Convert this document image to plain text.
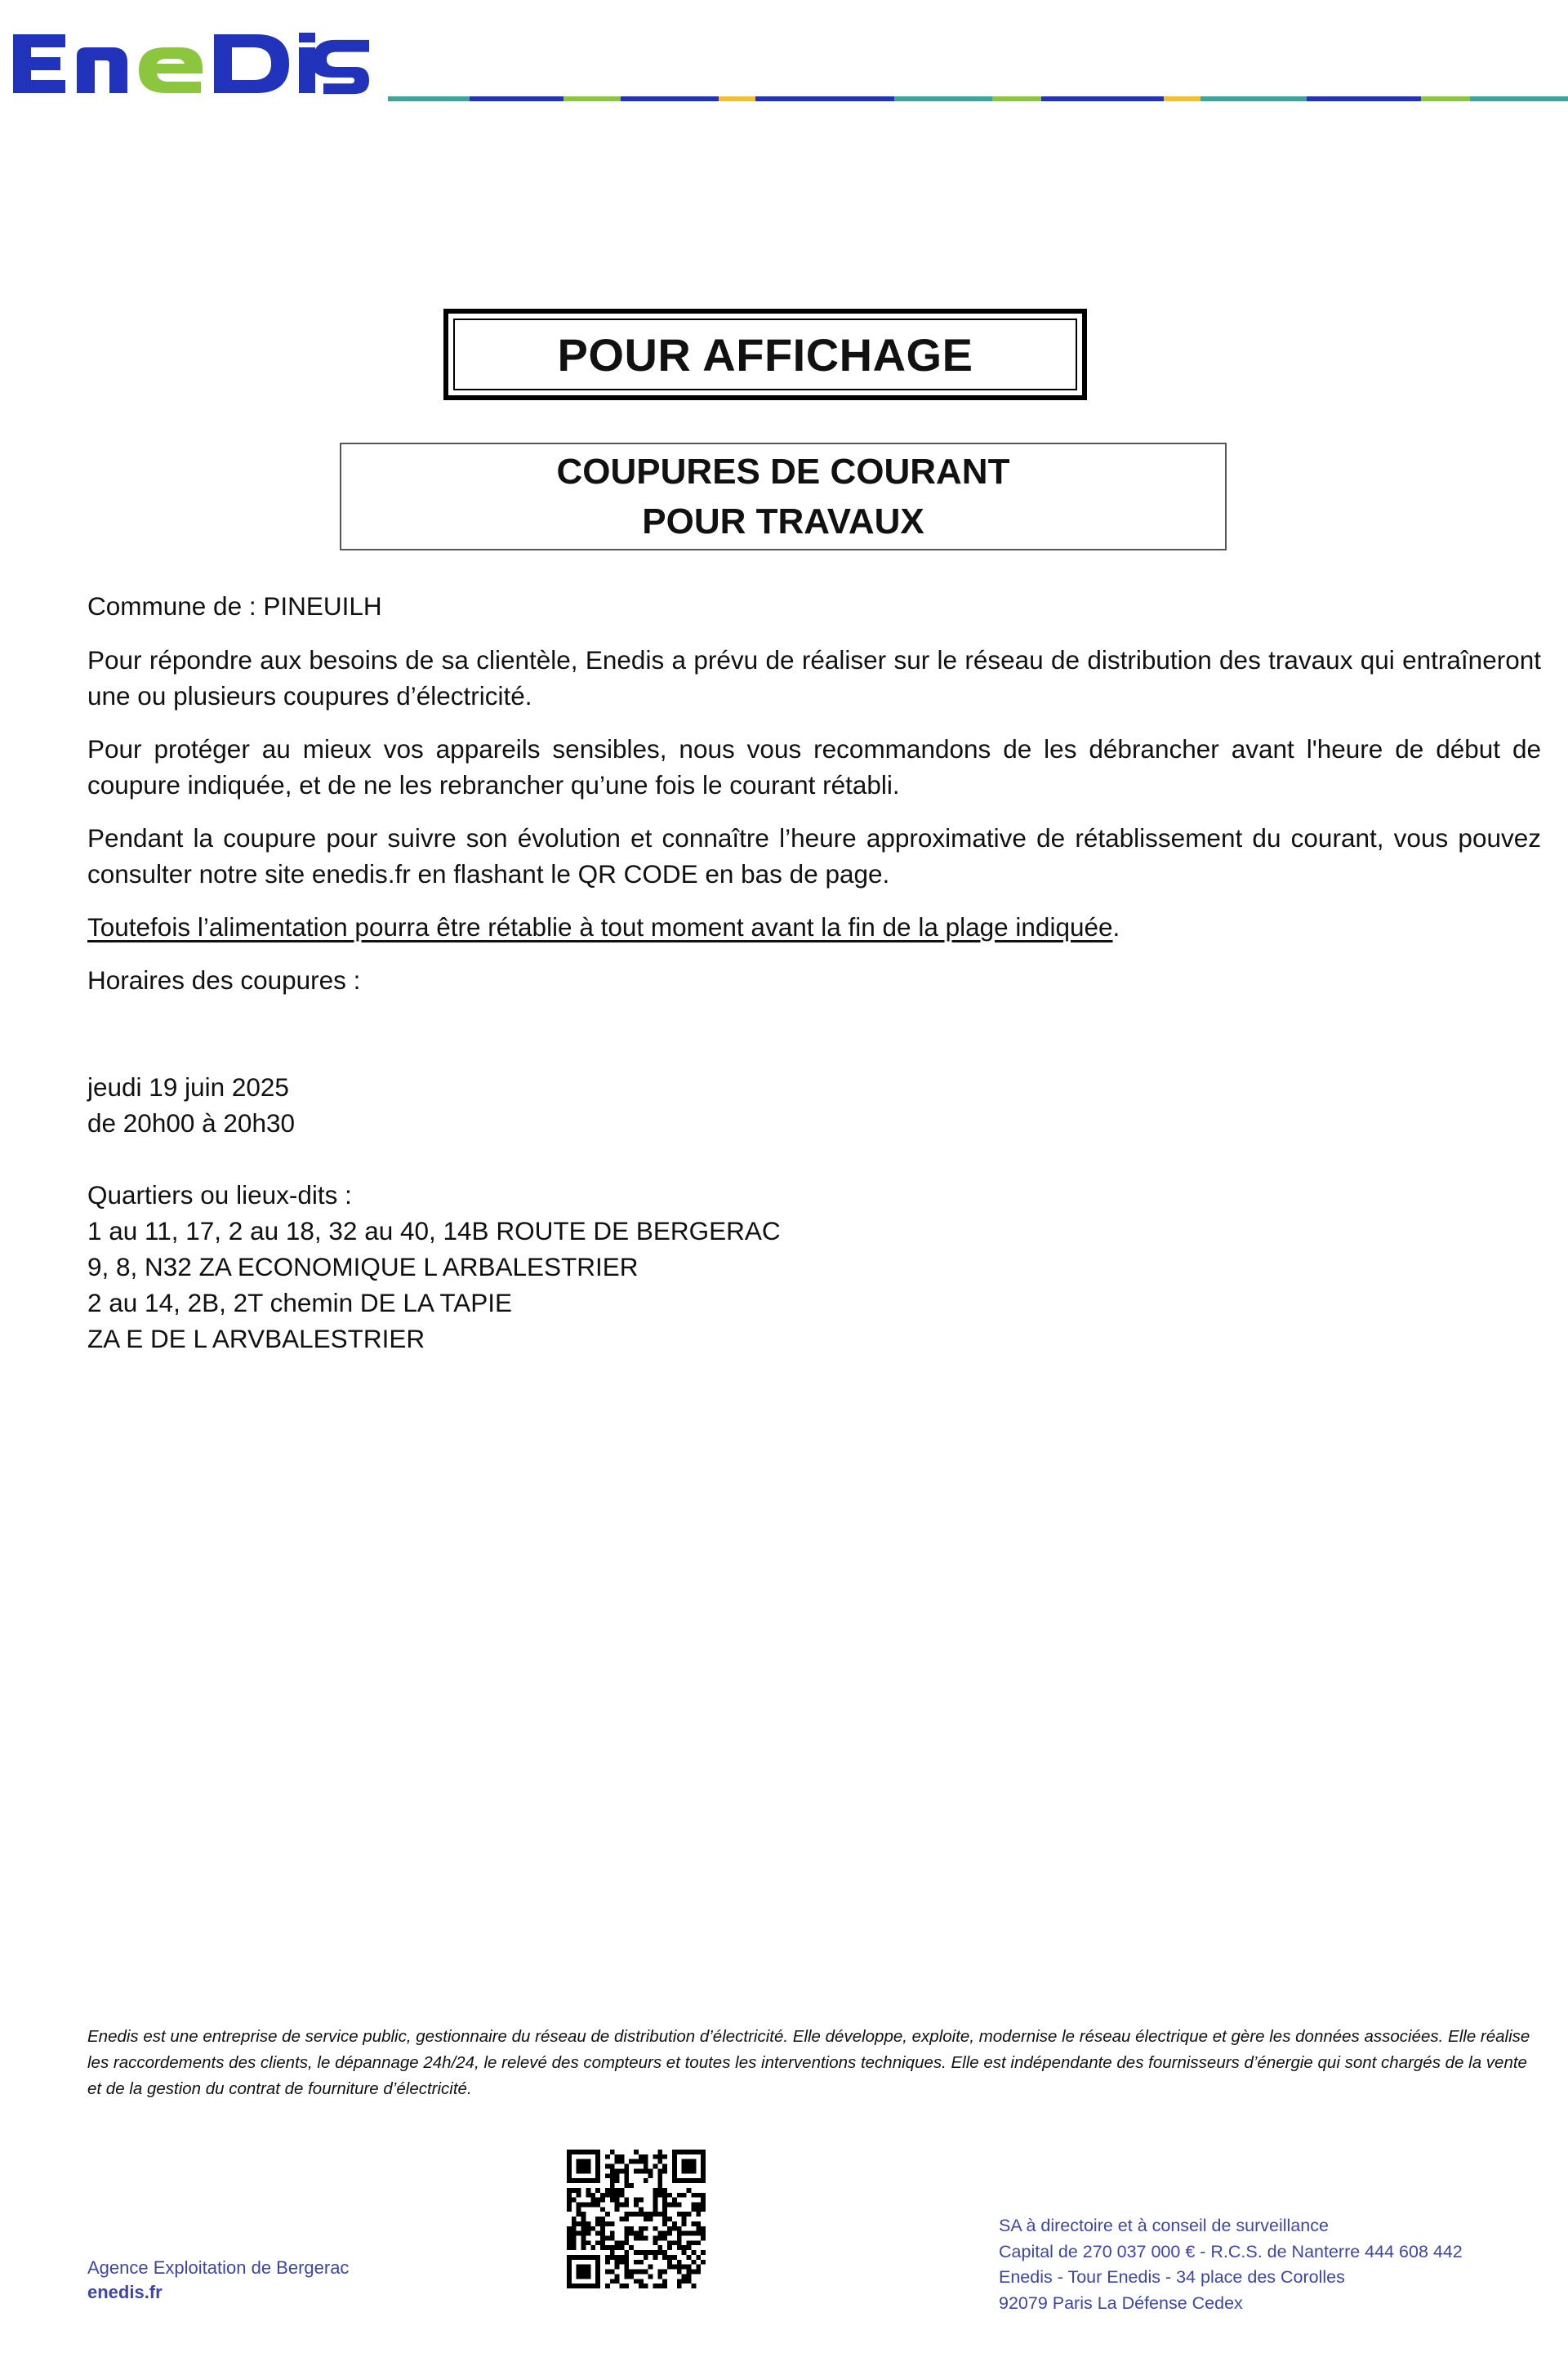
POUR AFFICHAGE
COUPURES DE COURANT
POUR TRAVAUX

Commune de : PINEUILH

Pour répondre aux besoins de sa clientèle, Enedis a prévu de réaliser sur le réseau de distribution des travaux qui entraîneront une ou plusieurs coupures d’électricité.

Pour protéger au mieux vos appareils sensibles, nous vous recommandons de les débrancher avant l'heure de début de coupure indiquée, et de ne les rebrancher qu’une fois le courant rétabli.

Pendant la coupure pour suivre son évolution et connaître l’heure approximative de rétablissement du courant, vous pouvez consulter notre site enedis.fr en flashant le QR CODE en bas de page.

Toutefois l’alimentation pourra être rétablie à tout moment avant la fin de la plage indiquée.

Horaires des coupures :

jeudi 19 juin 2025
de 20h00 à 20h30
Quartiers ou lieux-dits :
1 au 11, 17, 2 au 18, 32 au 40, 14B ROUTE DE BERGERAC
9, 8, N32 ZA ECONOMIQUE L ARBALESTRIER
2 au 14, 2B, 2T chemin DE LA TAPIE
ZA E DE L ARVBALESTRIER

Enedis est une entreprise de service public, gestionnaire du réseau de distribution d’électricité. Elle développe, exploite, modernise le réseau électrique et gère les données associées. Elle réalise les raccordements des clients, le dépannage 24h/24, le relevé des compteurs et toutes les interventions techniques. Elle est indépendante des fournisseurs d’énergie qui sont chargés de la vente et de la gestion du contrat de fourniture d’électricité.

Agence Exploitation de Bergerac
enedis.fr
SA à directoire et à conseil de surveillance
Capital de 270 037 000 € - R.C.S. de Nanterre 444 608 442
Enedis - Tour Enedis - 34 place des Corolles
92079 Paris La Défense Cedex
